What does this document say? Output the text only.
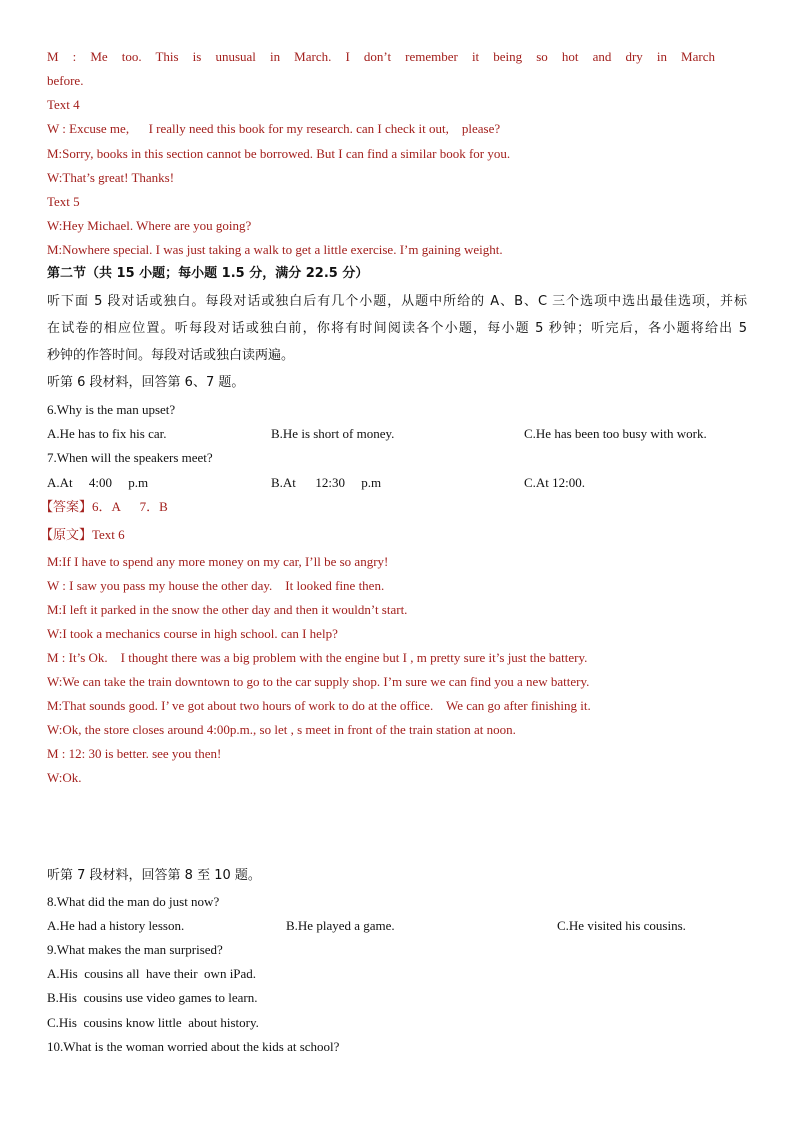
M : Me too. This is unusual in March. I don’t remember it being so hot and dry in March
before.
Text 4
W : Excuse me,      I really need this book for my research. can I check it out,    please?
M:Sorry, books in this section cannot be borrowed. But I can find a similar book for you.
W:That’s great! Thanks!
Text 5
W:Hey Michael. Where are you going?
M:Nowhere special. I was just taking a walk to get a little exercise. I’m gaining weight.
第二节（共 15 小题；每小题 1.5 分，满分 22.5 分）
听下面 5 段对话或独白。每段对话或独白后有几个小题，从题中所给的 A、B、C 三个选项中选出最佳选项，并标
在试卷的相应位置。听每段对话或独白前，你将有时间阅读各个小题，每小题 5 秒钟；听完后，各小题将给出 5
秒钟的作答时间。每段对话或独白读两遍。
听第 6 段材料，回答第 6、7 题。
6.Why is the man upset?
A.He has to fix his car.	B.He is short of money.	C.He has been too busy with work.
7.When will the speakers meet?
A.At     4:00     p.m	B.At      12:30     p.m	C.At 12:00.
【答案】6．A      7．B
【原文】Text 6
M:If I have to spend any more money on my car, I’ll be so angry!
W : I saw you pass my house the other day.    It looked fine then.
M:I left it parked in the snow the other day and then it wouldn’t start.
W:I took a mechanics course in high school. can I help?
M : It’s Ok.    I thought there was a big problem with the engine but I , m pretty sure it’s just the battery.
W:We can take the train downtown to go to the car supply shop. I’m sure we can find you a new battery.
M:That sounds good. I’ ve got about two hours of work to do at the office.    We can go after finishing it.
W:Ok, the store closes around 4:00p.m., so let , s meet in front of the train station at noon.
M : 12: 30 is better. see you then!
W:Ok.
听第 7 段材料，回答第 8 至 10 题。
8.What did the man do just now?
A.He had a history lesson.	B.He played a game.	C.He visited his cousins.
9.What makes the man surprised?
A.His  cousins all  have their  own iPad.
B.His  cousins use video games to learn.
C.His  cousins know little  about history.
10.What is the woman worried about the kids at school?
